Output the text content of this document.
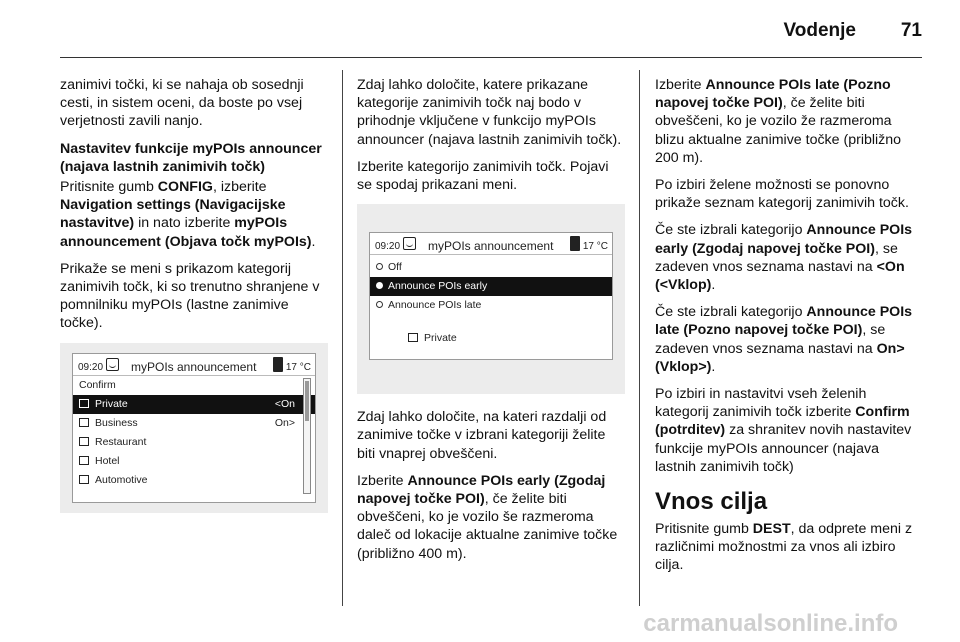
Vodenje 71

zanimivi točki, ki se nahaja ob sosednji cesti, in sistem oceni, da boste po vsej verjetnosti zavili nanjo.

Nastavitev funkcije myPOIs announcer (najava lastnih zanimivih točk)

Pritisnite gumb CONFIG, izberite Navigation settings (Navigacijske nastavitve) in nato izberite myPOIs announcement (Objava točk myPOIs).

Prikaže se meni s prikazom kategorij zanimivih točk, ki so trenutno shranjene v pomnilniku myPOIs (lastne zanimive točke).

09:20 myPOIs announcement	17 °C
Confirm
Private	<On
Business	On>
Restaurant
Hotel
Automotive

Zdaj lahko določite, katere prikazane kategorije zanimivih točk naj bodo v prihodnje vključene v funkcijo myPOIs announcer (najava lastnih zanimivih točk).

Izberite kategorijo zanimivih točk. Pojavi se spodaj prikazani meni.

09:20 myPOIs announcement	17 °C
Off
Announce POIs early
Announce POIs late
Private

Zdaj lahko določite, na kateri razdalji od zanimive točke v izbrani kategoriji želite biti vnaprej obveščeni.

Izberite Announce POIs early (Zgodaj napovej točke POI), če želite biti obveščeni, ko je vozilo še razmeroma daleč od lokacije aktualne zanimive točke (približno 400 m).

Izberite Announce POIs late (Pozno napovej točke POI), če želite biti obveščeni, ko je vozilo že razmeroma blizu aktualne zanimive točke (približno 200 m).

Po izbiri želene možnosti se ponovno prikaže seznam kategorij zanimivih točk.

Če ste izbrali kategorijo Announce POIs early (Zgodaj napovej točke POI), se zadeven vnos seznama nastavi na <On (<Vklop).

Če ste izbrali kategorijo Announce POIs late (Pozno napovej točke POI), se zadeven vnos seznama nastavi na On> (Vklop>).

Po izbiri in nastavitvi vseh želenih kategorij zanimivih točk izberite Confirm (potrditev) za shranitev novih nastavitev funkcije myPOIs announcer (najava lastnih zanimivih točk)

Vnos cilja

Pritisnite gumb DEST, da odprete meni z različnimi možnostmi za vnos ali izbiro cilja.

carmanualsonline.info
